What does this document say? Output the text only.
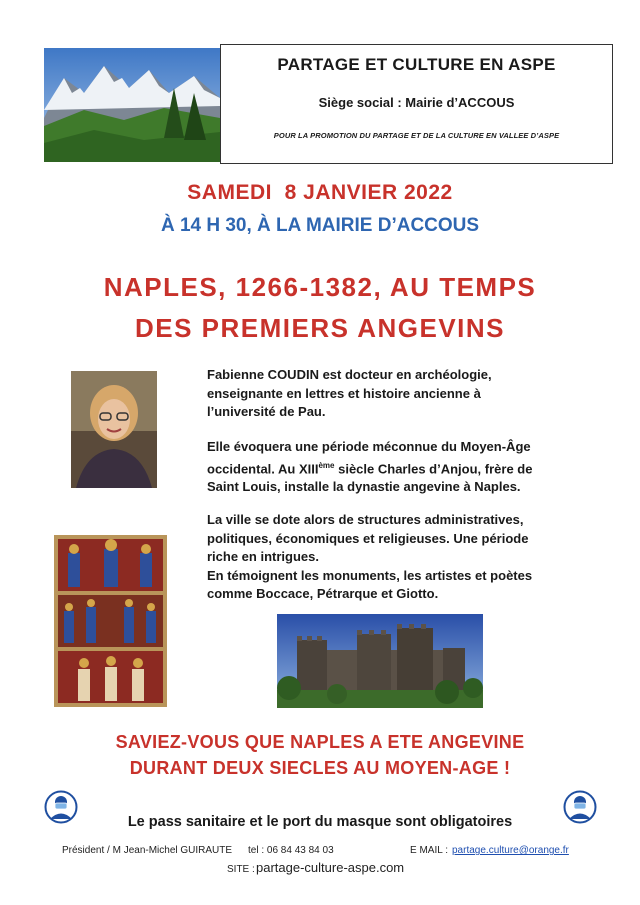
PARTAGE ET CULTURE EN ASPE
Siège social : Mairie d’ACCOUS
POUR LA PROMOTION DU PARTAGE ET DE LA CULTURE EN VALLEE D’ASPE
SAMEDI  8 JANVIER 2022
À 14 H 30, À LA MAIRIE D’ACCOUS
NAPLES, 1266-1382, AU TEMPS
DES PREMIERS ANGEVINS
Fabienne COUDIN est docteur en archéologie,
enseignante en lettres et histoire ancienne à
l’université de Pau.
Elle évoquera une période méconnue du Moyen-Âge
occidental. Au XIIIème siècle Charles d’Anjou, frère de
Saint Louis, installe la dynastie angevine à Naples.
La ville se dote alors de structures administratives,
politiques, économiques et religieuses. Une période
riche en intrigues.
En témoignent les monuments, les artistes et poètes
comme Boccace, Pétrarque et Giotto.
SAVIEZ-VOUS QUE NAPLES A ETE ANGEVINE
DURANT DEUX SIECLES AU MOYEN-AGE !
Le pass sanitaire et le port du masque sont obligatoires
Président / M Jean-Michel GUIRAUTE tel : 06 84 43 84 03	E MAIL : partage.culture@orange.fr
SITE : partage-culture-aspe.com
